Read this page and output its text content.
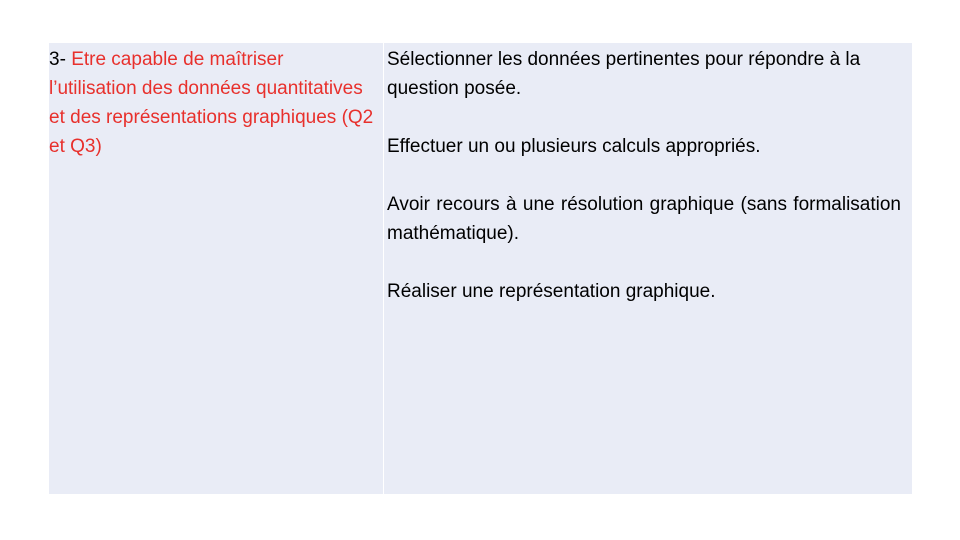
3- Etre capable de maîtriser l’utilisation des données quantitatives et des représentations graphiques (Q2 et Q3)

Sélectionner les données pertinentes pour répondre à la question posée.

Effectuer un ou plusieurs calculs appropriés.

Avoir recours à une résolution graphique (sans formalisation mathématique).

Réaliser une représentation graphique.
